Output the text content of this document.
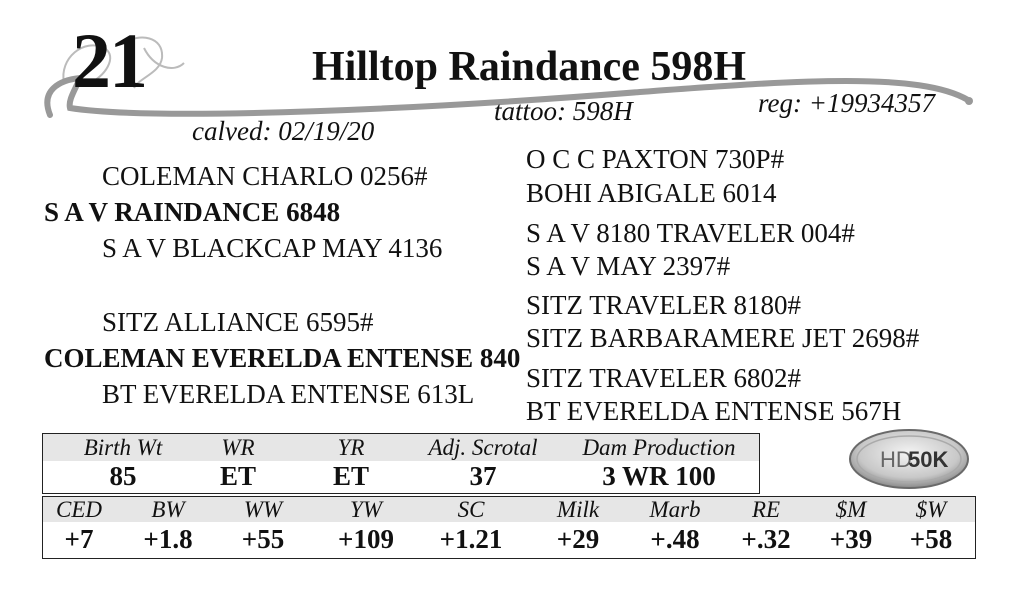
21	Hilltop Raindance 598H
reg: +19934357
tattoo: 598H
calved: 02/19/20
COLEMAN CHARLO 0256#
S A V RAINDANCE 6848
S A V BLACKCAP MAY 4136
SITZ ALLIANCE 6595#
COLEMAN EVERELDA ENTENSE 840
BT EVERELDA ENTENSE 613L
O C C PAXTON 730P#
BOHI ABIGALE 6014
S A V 8180 TRAVELER 004#
S A V MAY 2397#
SITZ TRAVELER 8180#
SITZ BARBARAMERE JET 2698#
SITZ TRAVELER 6802#
BT EVERELDA ENTENSE 567H
Birth Wt	WR	YR	Adj. Scrotal Dam Production
85	ET	ET	37	3 WR 100
HD
50K
CED BW	WW	YW	SC	Milk Marb RE $M $W
+7 +1.8 +55 +109 +1.21 +29 +.48 +.32 +39 +58
